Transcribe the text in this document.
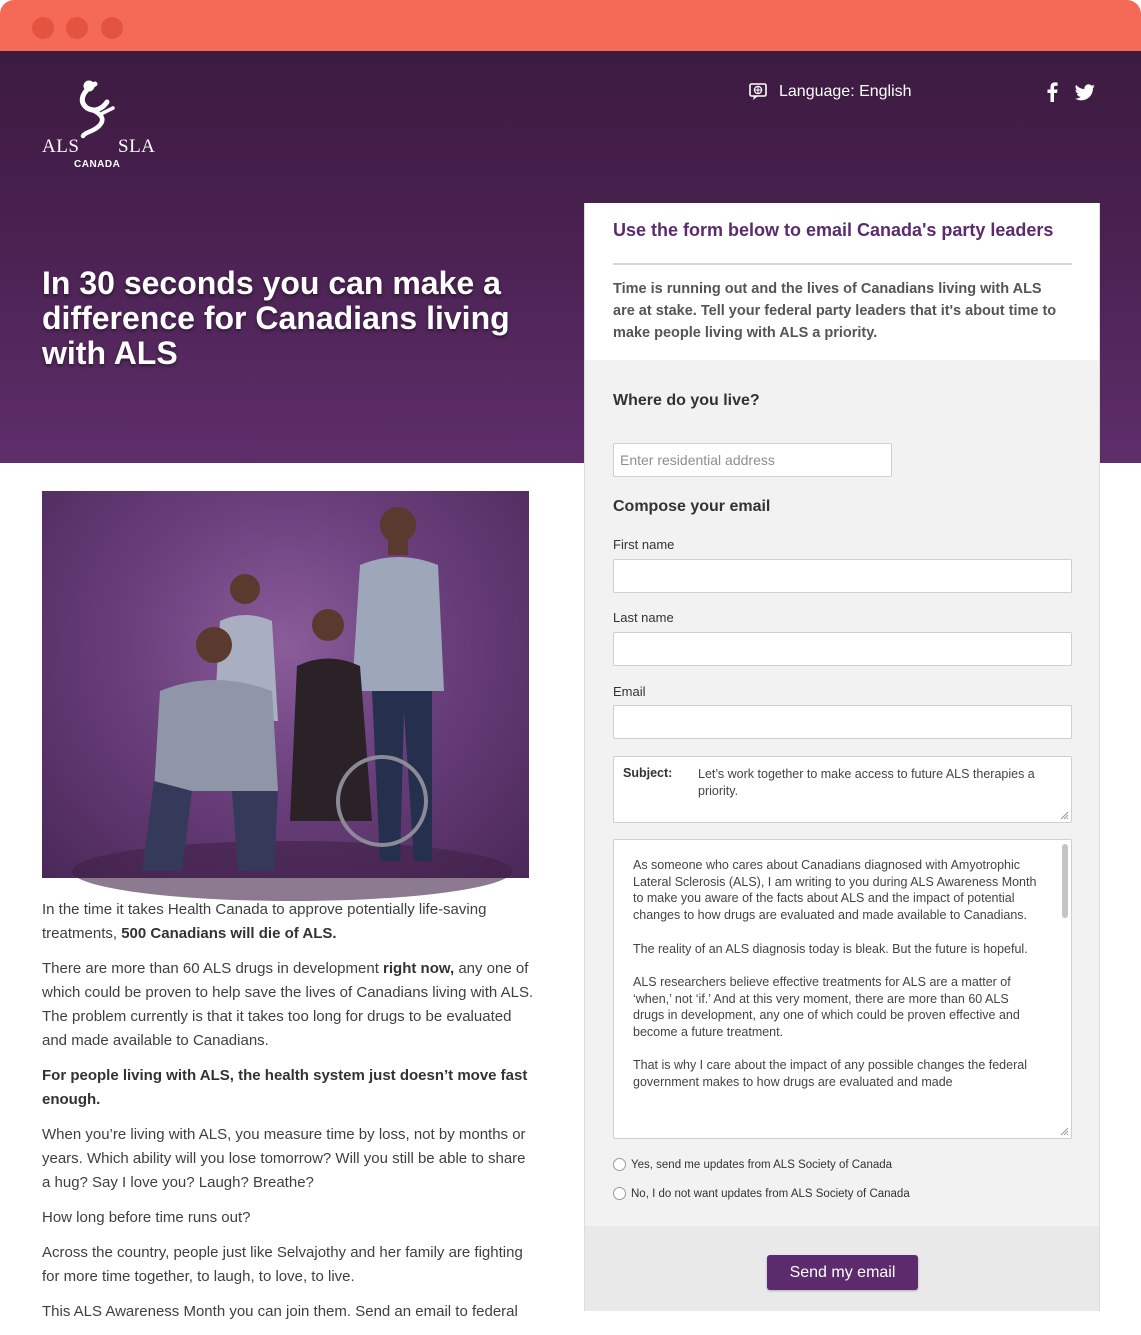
ALS SLA
CANADA
Language: English
In 30 seconds you can make a difference for Canadians living with ALS

In the time it takes Health Canada to approve potentially life-saving treatments, 500 Canadians will die of ALS.

There are more than 60 ALS drugs in development right now, any one of which could be proven to help save the lives of Canadians living with ALS. The problem currently is that it takes too long for drugs to be evaluated and made available to Canadians.

For people living with ALS, the health system just doesn’t move fast enough.

When you’re living with ALS, you measure time by loss, not by months or years. Which ability will you lose tomorrow? Will you still be able to share a hug? Say I love you? Laugh? Breathe?

How long before time runs out?

Across the country, people just like Selvajothy and her family are fighting for more time together, to laugh, to love, to live.

This ALS Awareness Month you can join them. Send an email to federal

Use the form below to email Canada's party leaders

Time is running out and the lives of Canadians living with ALS are at stake. Tell your federal party leaders that it's about time to make people living with ALS a priority.

Where do you live?
Enter residential address
Compose your email
First name
Last name
Email
Subject: Let’s work together to make access to future ALS therapies a priority.

As someone who cares about Canadians diagnosed with Amyotrophic Lateral Sclerosis (ALS), I am writing to you during ALS Awareness Month to make you aware of the facts about ALS and the impact of potential changes to how drugs are evaluated and made available to Canadians.

The reality of an ALS diagnosis today is bleak. But the future is hopeful.

ALS researchers believe effective treatments for ALS are a matter of ‘when,’ not ‘if.’ And at this very moment, there are more than 60 ALS drugs in development, any one of which could be proven effective and become a future treatment.

That is why I care about the impact of any possible changes the federal government makes to how drugs are evaluated and made

Yes, send me updates from ALS Society of Canada
No, I do not want updates from ALS Society of Canada
Send my email
